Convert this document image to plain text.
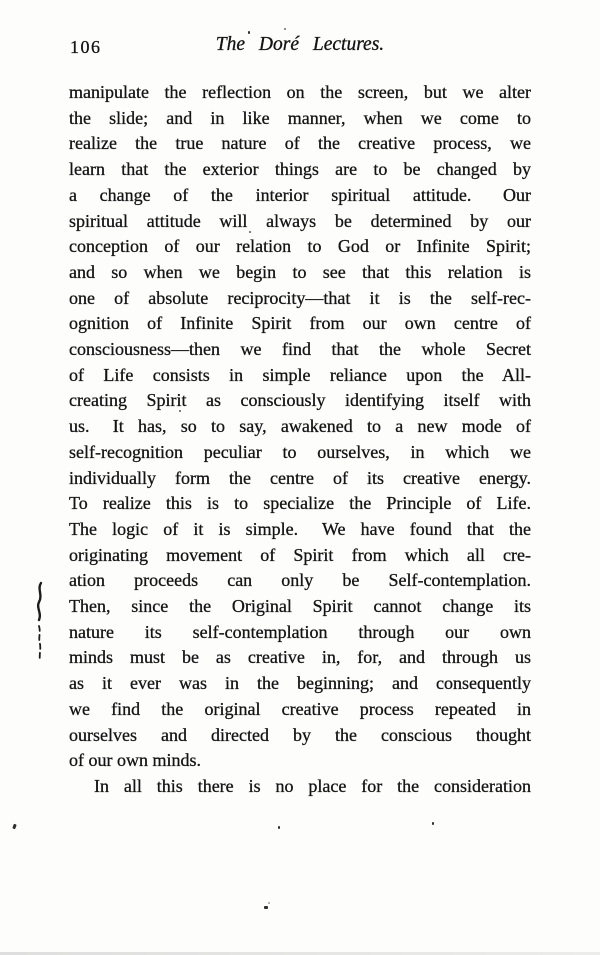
106	The Doré Lectures.
manipulate the reflection on the screen, but we alter
the slide; and in like manner, when we come to
realize the true nature of the creative process, we
learn that the exterior things are to be changed by
a change of the interior spiritual attitude.  Our
spiritual attitude will always be determined by our
conception of our relation to God or Infinite Spirit;
and so when we begin to see that this relation is
one of absolute reciprocity—that it is the self-rec-
ognition of Infinite Spirit from our own centre of
consciousness—then we find that the whole Secret
of Life consists in simple reliance upon the All-
creating Spirit as consciously identifying itself with
us.  It has, so to say, awakened to a new mode of
self-recognition peculiar to ourselves, in which we
individually form the centre of its creative energy.
To realize this is to specialize the Principle of Life.
The logic of it is simple.  We have found that the
originating movement of Spirit from which all cre-
ation proceeds can only be Self-contemplation.
Then, since the Original Spirit cannot change its
nature its self-contemplation through our own
minds must be as creative in, for, and through us
as it ever was in the beginning; and consequently
we find the original creative process repeated in
ourselves and directed by the conscious thought
of our own minds.
In all this there is no place for the consideration
